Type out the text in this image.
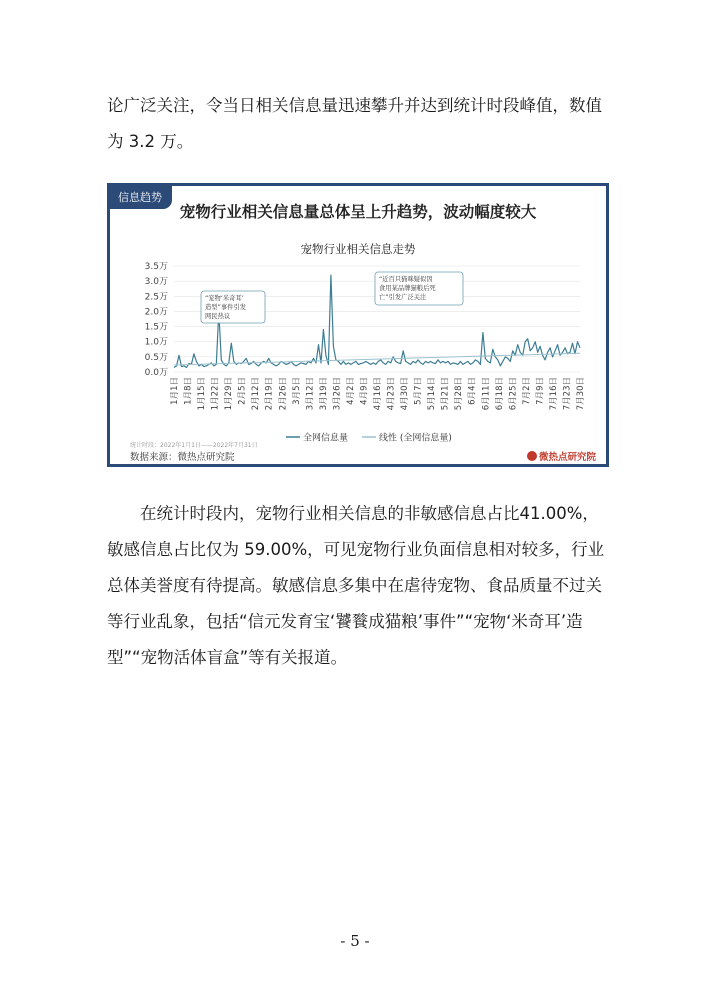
论广泛关注，令当日相关信息量迅速攀升并达到统计时段峰值，数值为 3.2 万。

宠物行业相关信息走势
0.0万
0.5万
1.0万
1.5万
2.0万
2.5万
3.0万
3.5万
1月1日 1月8日 1月15日 1月22日 1月29日 2月5日 2月12日 2月19日 2月26日 3月5日 3月12日 3月19日 3月26日 4月2日 4月9日 4月16日 4月23日 4月30日 5月7日 5月14日 5月21日 5月28日 6月4日 6月11日 6月18日 6月25日 7月2日 7月9日 7月16日 7月23日 7月30日
“宠物‘米奇耳’
造型”事件引发
网民热议
“近百只猫咪疑似因
食用某品牌猫粮后死
亡”引发广泛关注
全网信息量	线性 (全网信息量)
信息趋势
宠物行业相关信息量总体呈上升趋势，波动幅度较大
统计时段：2022年1月1日——2022年7月31日
数据来源：微热点研究院	微热点研究院

在统计时段内，宠物行业相关信息的非敏感信息占比41.00%，敏感信息占比仅为 59.00%，可见宠物行业负面信息相对较多，行业总体美誉度有待提高。敏感信息多集中在虐待宠物、食品质量不过关等行业乱象，包括“信元发育宝‘饕餮成猫粮’事件”“宠物‘米奇耳’造型”“宠物活体盲盒”等有关报道。

- 5 -
